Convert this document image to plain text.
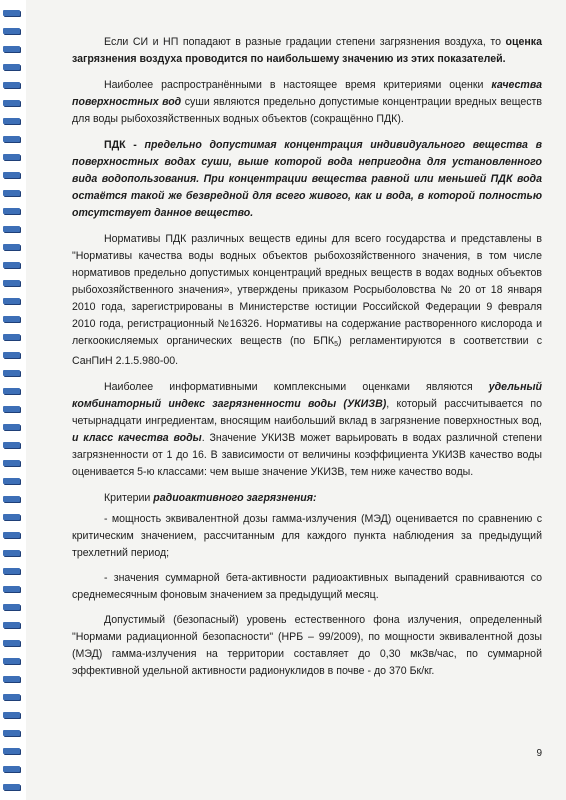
Если СИ и НП попадают в разные градации степени загрязнения воздуха, то оценка загрязнения воздуха проводится по наибольшему значению из этих показателей.

Наиболее распространёнными в настоящее время критериями оценки качества поверхностных вод суши являются предельно допустимые концентрации вредных веществ для воды рыбохозяйственных водных объектов (сокращённо ПДК).

ПДК - предельно допустимая концентрация индивидуального вещества в поверхностных водах суши, выше которой вода непригодна для установленного вида водопользования. При концентрации вещества равной или меньшей ПДК вода остаётся такой же безвредной для всего живого, как и вода, в которой полностью отсутствует данное вещество.

Нормативы ПДК различных веществ едины для всего государства и представлены в "Нормативы качества воды водных объектов рыбохозяйственного значения, в том числе нормативов предельно допустимых концентраций вредных веществ в водах водных объектов рыбохозяйственного значения», утверждены приказом Росрыболовства № 20 от 18 января 2010 года, зарегистрированы в Министерстве юстиции Российской Федерации 9 февраля 2010 года, регистрационный №16326. Нормативы на содержание растворенного кислорода и легкоокисляемых органических веществ (по $БПК_5$) регламентируются в соответствии с СанПиН 2.1.5.980-00.

Наиболее информативными комплексными оценками являются удельный комбинаторный индекс загрязненности воды (УКИЗВ), который рассчитывается по четырнадцати ингредиентам, вносящим наибольший вклад в загрязнение поверхностных вод, и класс качества воды. Значение УКИЗВ может варьировать в водах различной степени загрязненности от 1 до 16. В зависимости от величины коэффициента УКИЗВ качество воды оценивается 5-ю классами: чем выше значение УКИЗВ, тем ниже качество воды.

Критерии радиоактивного загрязнения:

- мощность эквивалентной дозы гамма-излучения (МЭД) оценивается по сравнению с критическим значением, рассчитанным для каждого пункта наблюдения за предыдущий трехлетний период;

- значения суммарной бета-активности радиоактивных выпадений сравниваются со среднемесячным фоновым значением за предыдущий месяц.

Допустимый (безопасный) уровень естественного фона излучения, определенный "Нормами радиационной безопасности" (НРБ – 99/2009), по мощности эквивалентной дозы (МЭД) гамма-излучения на территории составляет до 0,30 мкЗв/час, по суммарной эффективной удельной активности радионуклидов в почве - до 370 Бк/кг.

9
